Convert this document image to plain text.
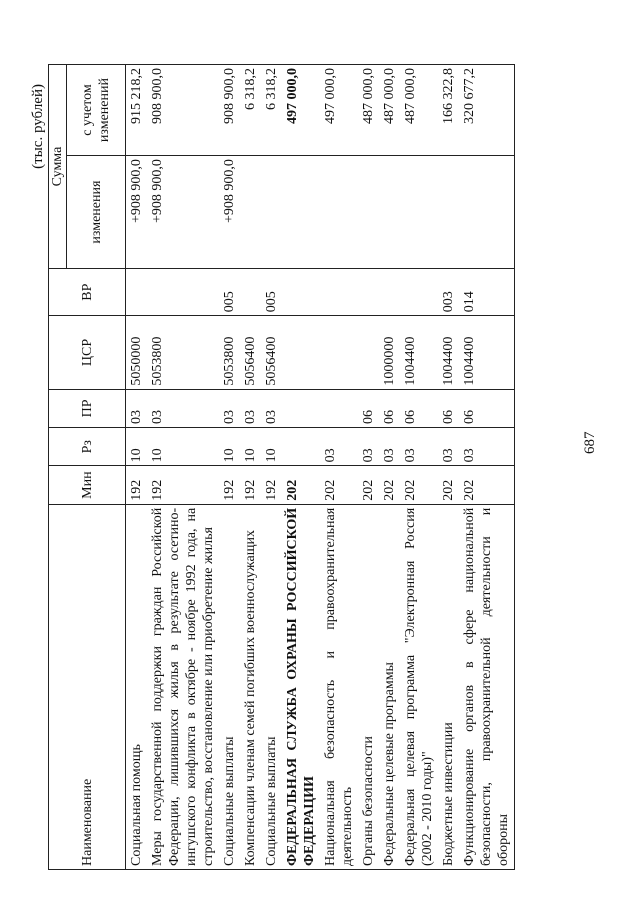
687
(тыс. рублей)
Наименование	Мин	Рз	ПР	ЦСР	ВР	Сумма	
						изменения	с учетом изменений
Социальная помощь	192	10	03	5050000		+908 900,0	915 218,2
Меры государственной поддержки граждан Российской Федерации, лишившихся жилья в результате осетино-ингушского конфликта в октябре - ноябре 1992 года, на строительство, восстановление или приобретение жилья	192	10	03	5053800		+908 900,0	908 900,0
Социальные выплаты	192	10	03	5053800	005	+908 900,0	908 900,0
Компенсации членам семей погибших военнослужащих	192	10	03	5056400			6 318,2
Социальные выплаты	192	10	03	5056400	005		6 318,2
ФЕДЕРАЛЬНАЯ СЛУЖБА ОХРАНЫ РОССИЙСКОЙ ФЕДЕРАЦИИ	202						497 000,0
Национальная безопасность и правоохранительная деятельность	202	03					497 000,0
Органы безопасности	202	03	06				487 000,0
Федеральные целевые программы	202	03	06	1000000			487 000,0
Федеральная целевая программа "Электронная Россия (2002 - 2010 годы)"	202	03	06	1004400			487 000,0
Бюджетные инвестиции	202	03	06	1004400	003		166 322,8
Функционирование органов в сфере национальной безопасности, правоохранительной деятельности и обороны	202	03	06	1004400	014		320 677,2
